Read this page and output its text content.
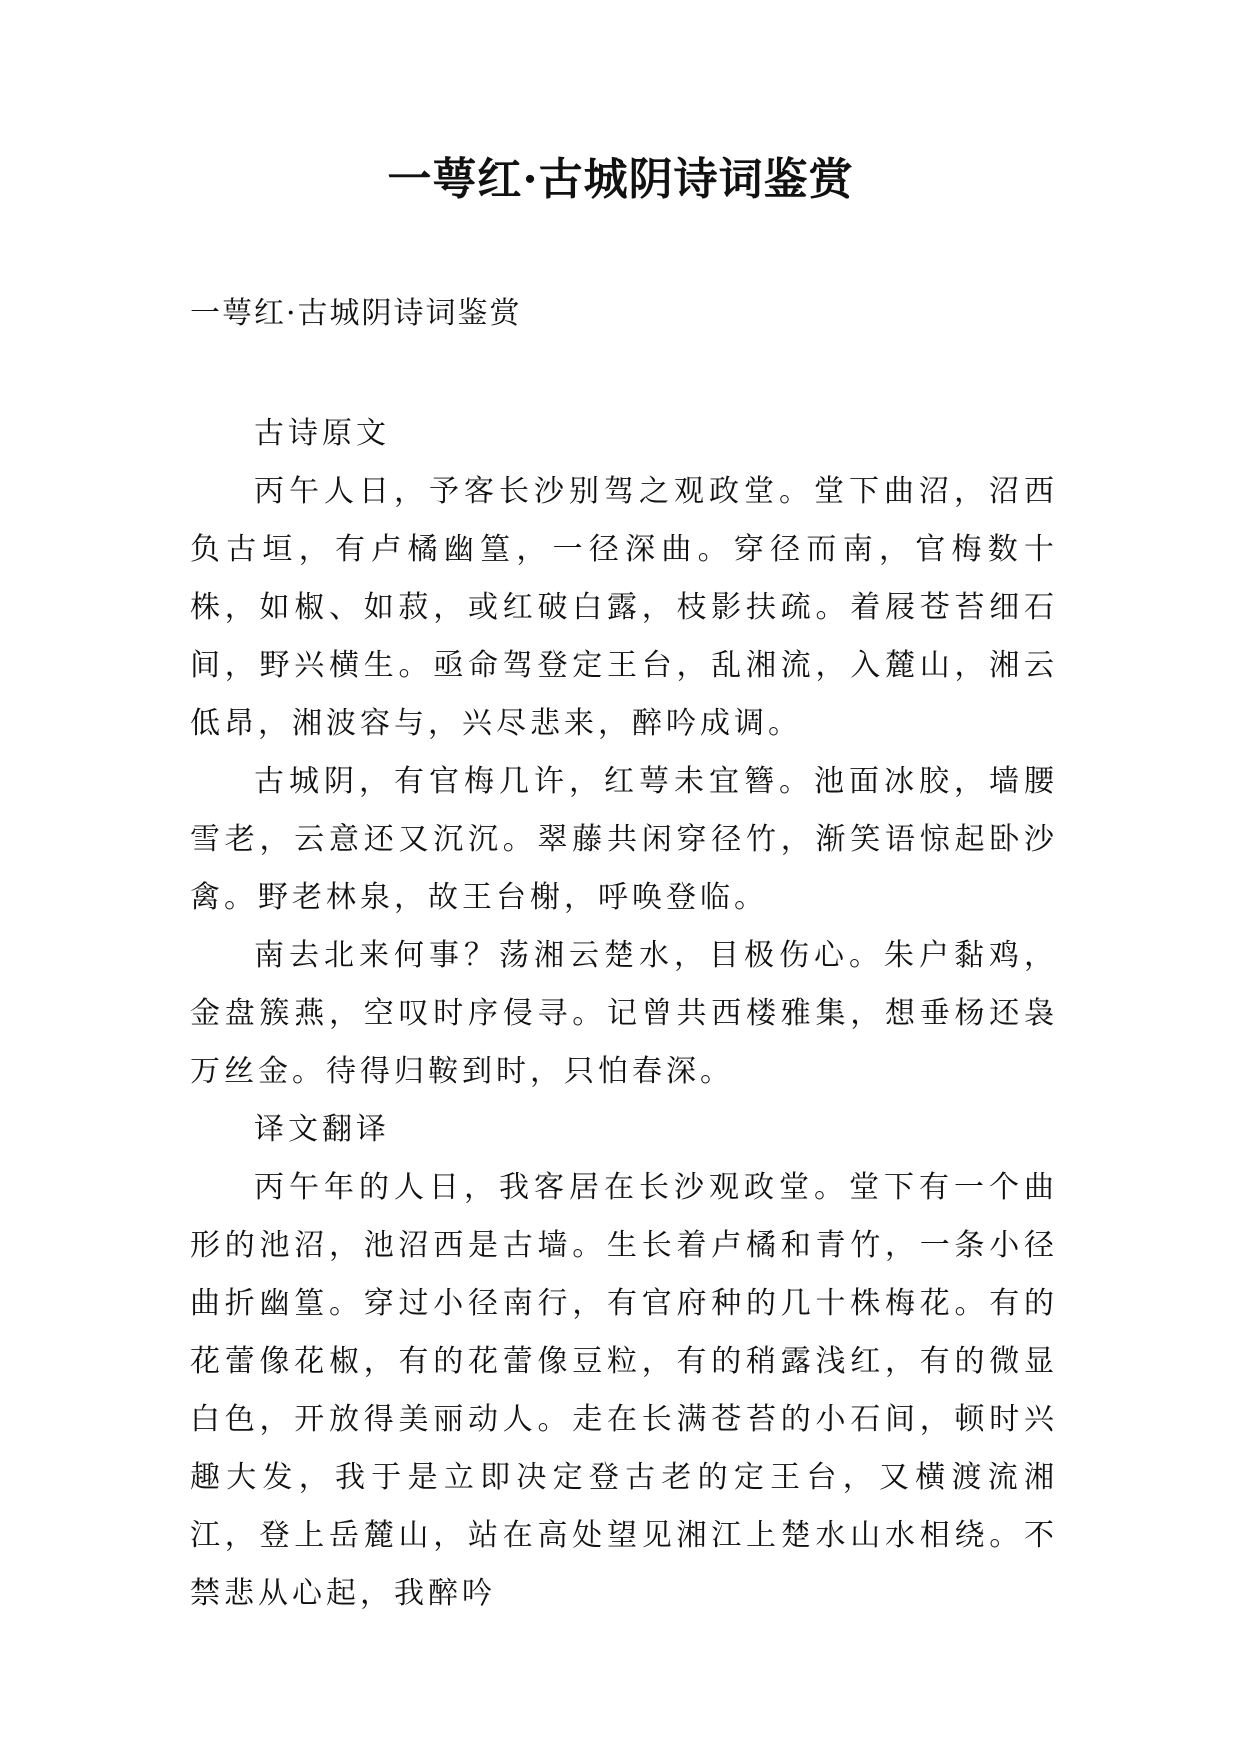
一萼红·古城阴诗词鉴赏
一萼红·古城阴诗词鉴赏

古诗原文

丙午人日，予客长沙别驾之观政堂。堂下曲沼，沼西负古垣，有卢橘幽篁，一径深曲。穿径而南，官梅数十株，如椒、如菽，或红破白露，枝影扶疏。着屐苍苔细石间，野兴横生。亟命驾登定王台，乱湘流，入麓山，湘云低昂，湘波容与，兴尽悲来，醉吟成调。

古城阴，有官梅几许，红萼未宜簪。池面冰胶，墙腰雪老，云意还又沉沉。翠藤共闲穿径竹，渐笑语惊起卧沙禽。野老林泉，故王台榭，呼唤登临。

南去北来何事？荡湘云楚水，目极伤心。朱户黏鸡，金盘簇燕，空叹时序侵寻。记曾共西楼雅集，想垂杨还袅万丝金。待得归鞍到时，只怕春深。

译文翻译

丙午年的人日，我客居在长沙观政堂。堂下有一个曲形的池沼，池沼西是古墙。生长着卢橘和青竹，一条小径曲折幽篁。穿过小径南行，有官府种的几十株梅花。有的花蕾像花椒，有的花蕾像豆粒，有的稍露浅红，有的微显白色，开放得美丽动人。走在长满苍苔的小石间，顿时兴趣大发，我于是立即决定登古老的定王台，又横渡流湘江，登上岳麓山，站在高处望见湘江上楚水山水相绕。不禁悲从心起，我醉吟
